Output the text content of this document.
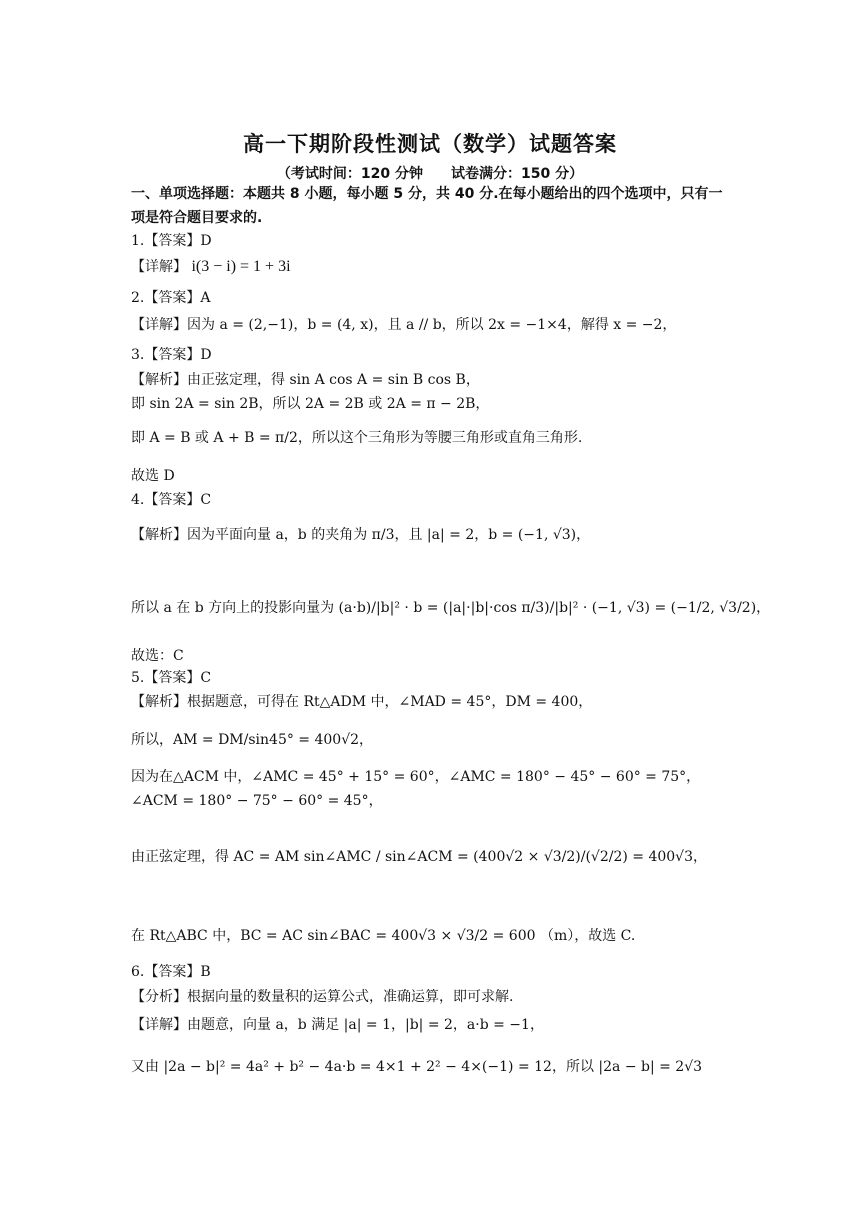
高一下期阶段性测试（数学）试题答案
（考试时间：120 分钟　　试卷满分：150 分）
一、单项选择题：本题共 8 小题，每小题 5 分，共 40 分.在每小题给出的四个选项中，只有一项是符合题目要求的.
1.【答案】D
【详解】 i(3 − i) = 1 + 3i
2.【答案】A
【详解】因为 a = (2,−1)，b = (4, x)，且 a // b，所以 2x = −1×4，解得 x = −2，
3.【答案】D
【解析】由正弦定理，得 sin A cos A = sin B cos B，
即 sin 2A = sin 2B，所以 2A = 2B 或 2A = π − 2B，
即 A = B 或 A + B = π/2，所以这个三角形为等腰三角形或直角三角形.
故选 D
4.【答案】C
【解析】因为平面向量 a，b 的夹角为 π/3，且 |a| = 2，b = (−1, √3)，
所以 a 在 b 方向上的投影向量为 (a·b)/|b|² · b = (|a|·|b|·cos π/3)/|b|² · (−1, √3) = (−1/2, √3/2)，
故选：C
5.【答案】C
【解析】根据题意，可得在 Rt△ADM 中，∠MAD = 45°，DM = 400，
所以，AM = DM/sin45° = 400√2，
因为在△ACM 中，∠AMC = 45° + 15° = 60°，∠AMC = 180° − 45° − 60° = 75°，
∠ACM = 180° − 75° − 60° = 45°，
由正弦定理，得 AC = AM sin∠AMC / sin∠ACM = (400√2 × √3/2)/(√2/2) = 400√3，
在 Rt△ABC 中，BC = AC sin∠BAC = 400√3 × √3/2 = 600 （m），故选 C.
6.【答案】B
【分析】根据向量的数量积的运算公式，准确运算，即可求解.
【详解】由题意，向量 a，b 满足 |a| = 1，|b| = 2，a·b = −1，
又由 |2a − b|² = 4a² + b² − 4a·b = 4×1 + 2² − 4×(−1) = 12，所以 |2a − b| = 2√3
